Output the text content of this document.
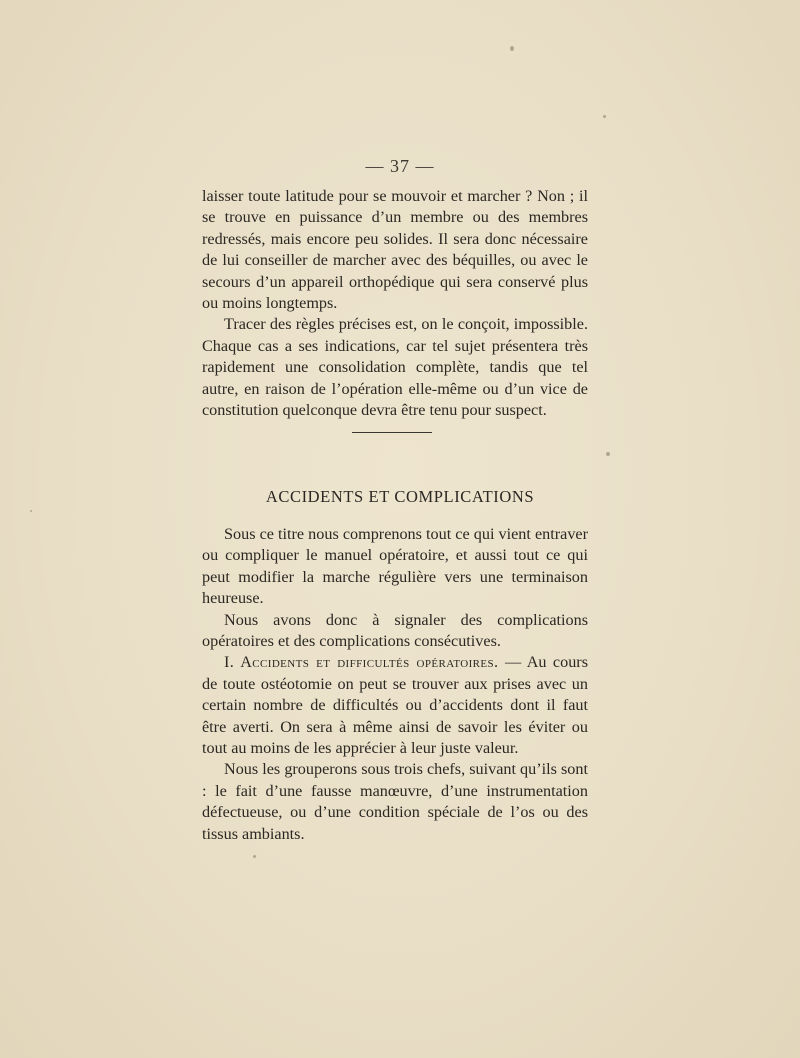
— 37 —

laisser toute latitude pour se mouvoir et marcher ? Non ; il se trouve en puissance d’un membre ou des membres redressés, mais encore peu solides. Il sera donc nécessaire de lui conseiller de marcher avec des béquilles, ou avec le secours d’un appareil orthopédique qui sera conservé plus ou moins longtemps.

Tracer des règles précises est, on le conçoit, impossible. Chaque cas a ses indications, car tel sujet présentera très rapidement une consolidation complète, tandis que tel autre, en raison de l’opération elle-même ou d’un vice de constitution quelconque devra être tenu pour suspect.

ACCIDENTS ET COMPLICATIONS

Sous ce titre nous comprenons tout ce qui vient entraver ou compliquer le manuel opératoire, et aussi tout ce qui peut modifier la marche régulière vers une terminaison heureuse.

Nous avons donc à signaler des complications opératoires et des complications consécutives.

I. Accidents et difficultés opératoires. — Au cours de toute ostéotomie on peut se trouver aux prises avec un certain nombre de difficultés ou d’accidents dont il faut être averti. On sera à même ainsi de savoir les éviter ou tout au moins de les apprécier à leur juste valeur.

Nous les grouperons sous trois chefs, suivant qu’ils sont : le fait d’une fausse manœuvre, d’une instrumentation défectueuse, ou d’une condition spéciale de l’os ou des tissus ambiants.
